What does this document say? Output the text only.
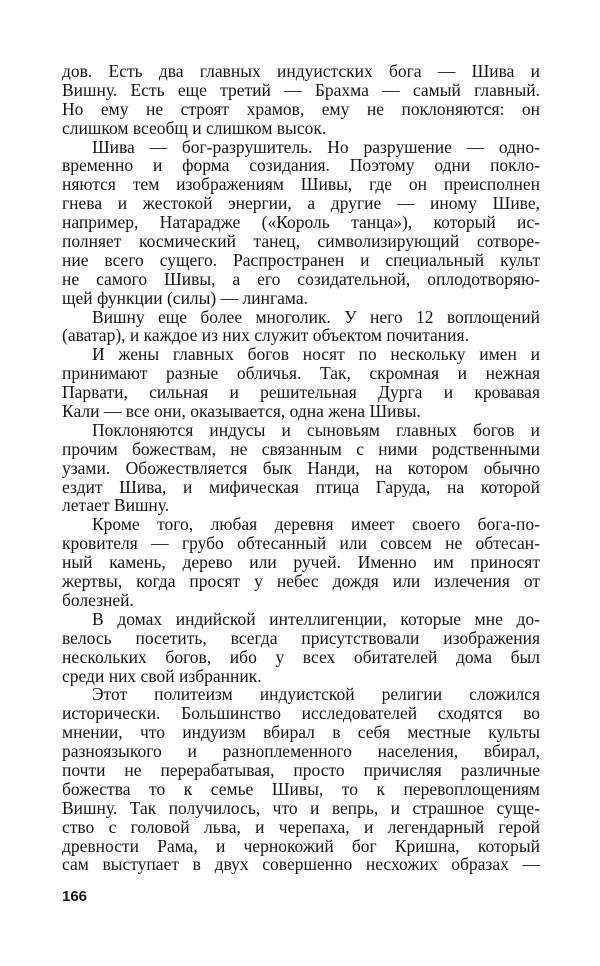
дов. Есть два главных индуистских бога — Шива и
Вишну. Есть еще третий — Брахма — самый главный.
Но ему не строят храмов, ему не поклоняются: он
слишком всеобщ и слишком высок.
Шива — бог-разрушитель. Но разрушение — одно-
временно и форма созидания. Поэтому одни покло-
няются тем изображениям Шивы, где он преисполнен
гнева и жестокой энергии, а другие — иному Шиве,
например, Натарадже («Король танца»), который ис-
полняет космический танец, символизирующий сотворе-
ние всего сущего. Распространен и специальный культ
не самого Шивы, а его созидательной, оплодотворяю-
щей функции (силы) — лингама.
Вишну еще более многолик. У него 12 воплощений
(аватар), и каждое из них служит объектом почитания.
И жены главных богов носят по нескольку имен и
принимают разные обличья. Так, скромная и нежная
Парвати, сильная и решительная Дурга и кровавая
Кали — все они, оказывается, одна жена Шивы.
Поклоняются индусы и сыновьям главных богов и
прочим божествам, не связанным с ними родственными
узами. Обожествляется бык Нанди, на котором обычно
ездит Шива, и мифическая птица Гаруда, на которой
летает Вишну.
Кроме того, любая деревня имеет своего бога-по-
кровителя — грубо обтесанный или совсем не обтесан-
ный камень, дерево или ручей. Именно им приносят
жертвы, когда просят у небес дождя или излечения от
болезней.
В домах индийской интеллигенции, которые мне до-
велось посетить, всегда присутствовали изображения
нескольких богов, ибо у всех обитателей дома был
среди них свой избранник.
Этот политеизм индуистской религии сложился
исторически. Большинство исследователей сходятся во
мнении, что индуизм вбирал в себя местные культы
разноязыкого и разноплеменного населения, вбирал,
почти не перерабатывая, просто причисляя различные
божества то к семье Шивы, то к перевоплощениям
Вишну. Так получилось, что и вепрь, и страшное суще-
ство с головой льва, и черепаха, и легендарный герой
древности Рама, и чернокожий бог Кришна, который
сам выступает в двух совершенно несхожих образах —
166
